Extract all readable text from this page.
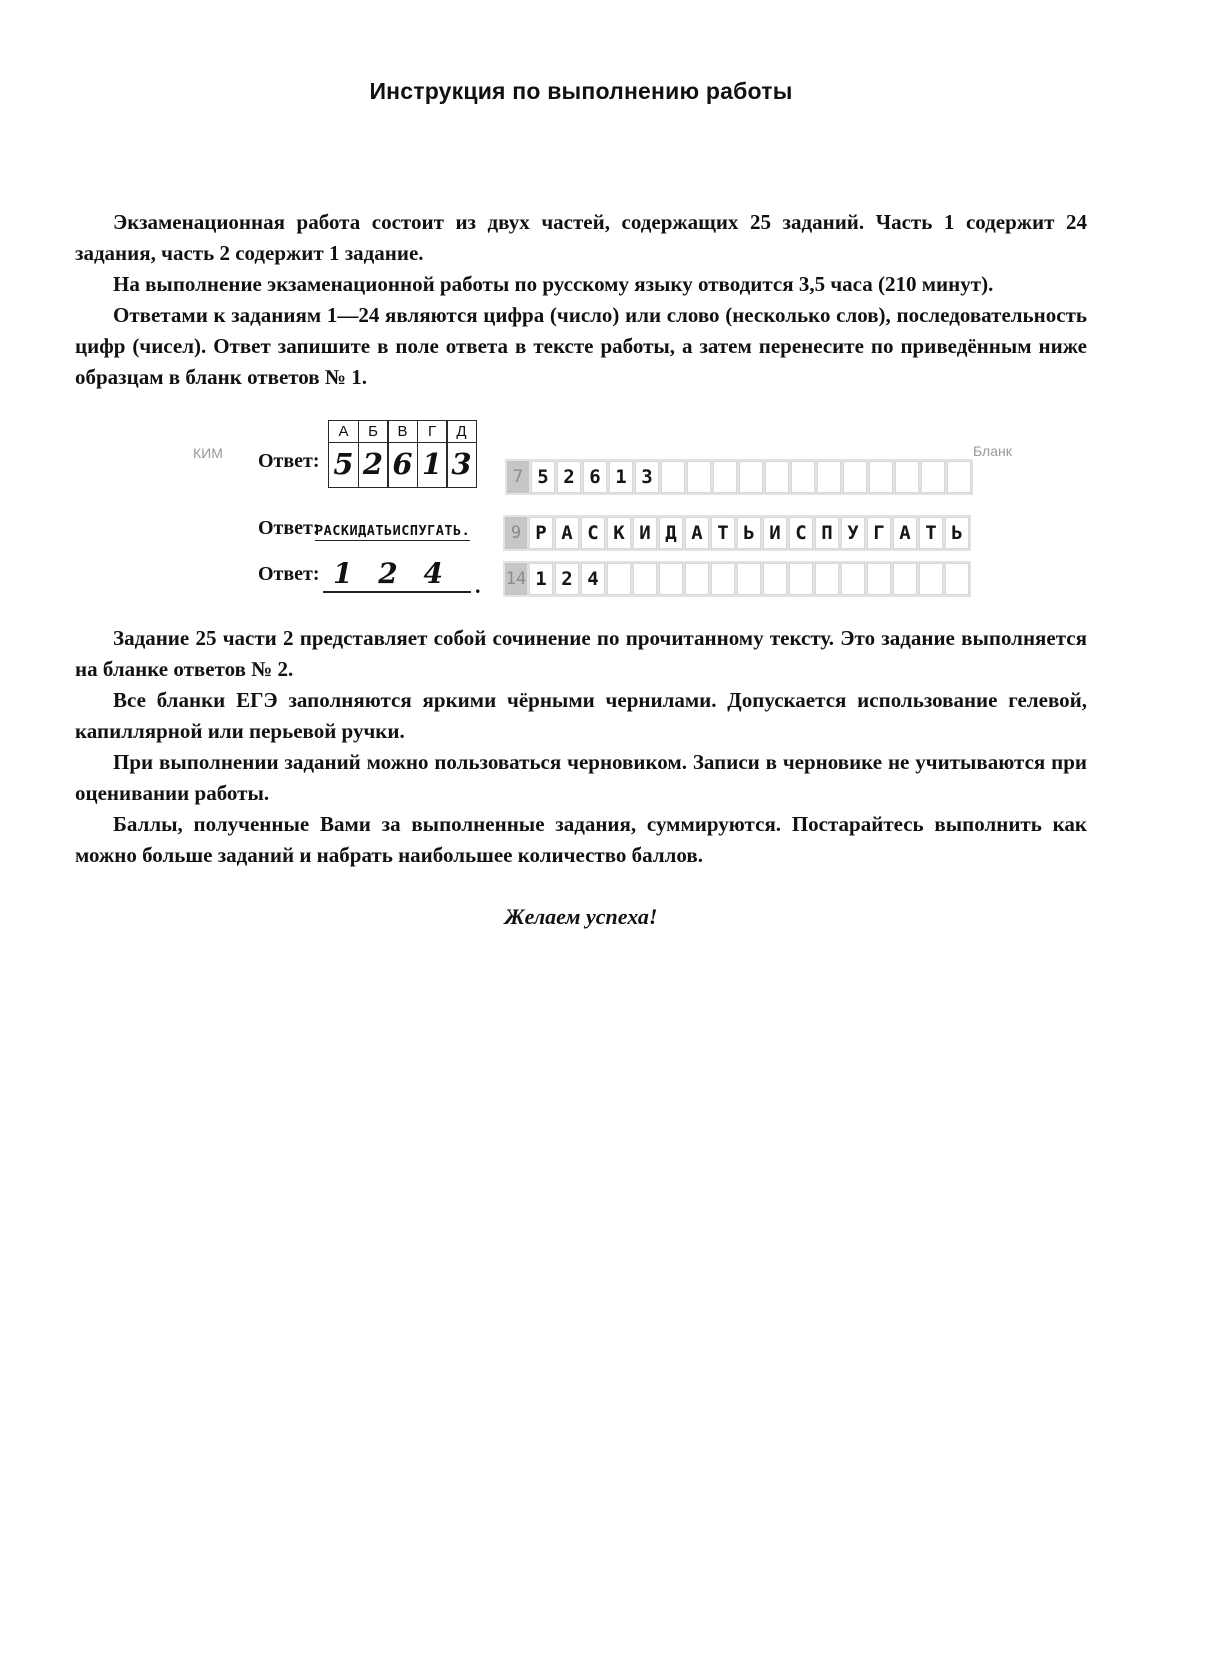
Инструкция по выполнению работы

Экзаменационная работа состоит из двух частей, содержащих 25 заданий. Часть 1 содержит 24 задания, часть 2 содержит 1 задание.

На выполнение экзаменационной работы по русскому языку отводится 3,5 часа (210 минут).

Ответами к заданиям 1—24 являются цифра (число) или слово (несколько слов), последовательность цифр (чисел). Ответ запишите в поле ответа в тексте работы, а затем перенесите по приведённым ниже образцам в бланк ответов № 1.

КИМ	Бланк
Ответ:
А	Б	В	Г	Д
5 2 6 1 3	7 5 2 6 1 3
Ответ:
РАСКИДАТЬИСПУГАТЬ.	9 Р А С К И Д А Т Ь И С П У Г А Т Ь
Ответ: 1 2 4	. 14 1 2 4

Задание 25 части 2 представляет собой сочинение по прочитанному тексту. Это задание выполняется на бланке ответов № 2.

Все бланки ЕГЭ заполняются яркими чёрными чернилами. Допускается использование гелевой, капиллярной или перьевой ручки.

При выполнении заданий можно пользоваться черновиком. Записи в черновике не учитываются при оценивании работы.

Баллы, полученные Вами за выполненные задания, суммируются. Постарайтесь выполнить как можно больше заданий и набрать наибольшее количество баллов.

Желаем успеха!
